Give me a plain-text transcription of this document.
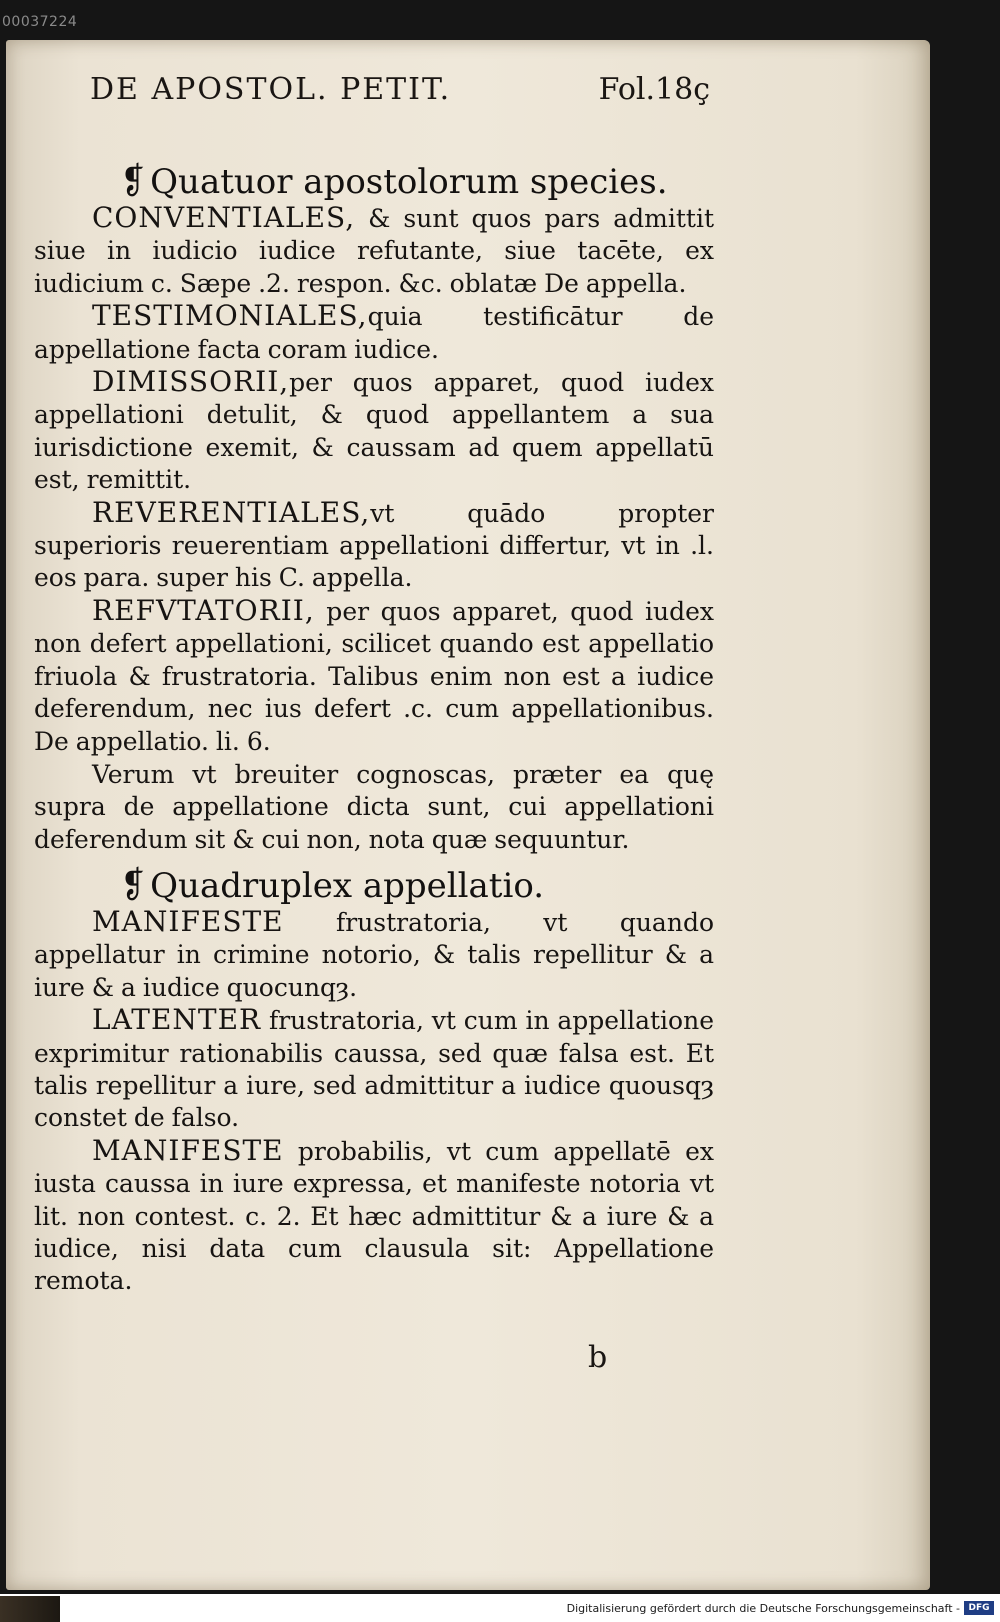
00037224
DE APOSTOL. PETIT.	Fol.18ç
❡ Quatuor apostolorum species.

CONVENTIALES, & sunt quos pars admittit siue in iudicio iudice refutante, siue tacēte, ex iudicium c. Sæpe .2. respon. &c. oblatæ De appella.

TESTIMONIALES,quia testificātur de appellatione facta coram iudice.

DIMISSORII,per quos apparet, quod iudex appellationi detulit, & quod appellantem a sua iurisdictione exemit, & caussam ad quem appellatū est, remittit.

REVERENTIALES,vt quādo propter superioris reuerentiam appellationi differtur, vt in .l. eos para. super his C. appella.

REFVTATORII, per quos apparet, quod iudex non defert appellationi, scilicet quando est appellatio friuola & frustratoria. Talibus enim non est a iudice deferendum, nec ius defert .c. cum appellationibus. De appellatio. li. 6.

Verum vt breuiter cognoscas, præter ea quę supra de appellatione dicta sunt, cui appellationi deferendum sit & cui non, nota quæ sequuntur.

❡ Quadruplex appellatio.

MANIFESTE frustratoria, vt quando appellatur in crimine notorio, & talis repellitur & a iure & a iudice quocunqȝ.

LATENTER frustratoria, vt cum in appellatione exprimitur rationabilis caussa, sed quæ falsa est. Et talis repellitur a iure, sed admittitur a iudice quousqȝ constet de falso.

MANIFESTE probabilis, vt cum appellatē ex iusta caussa in iure expressa, et manifeste notoria vt lit. non contest. c. 2. Et hæc admittitur & a iure & a iudice, nisi data cum clausula sit: Appellatione remota.

b
Digitalisierung gefördert durch die Deutsche Forschungsgemeinschaft - DFG
